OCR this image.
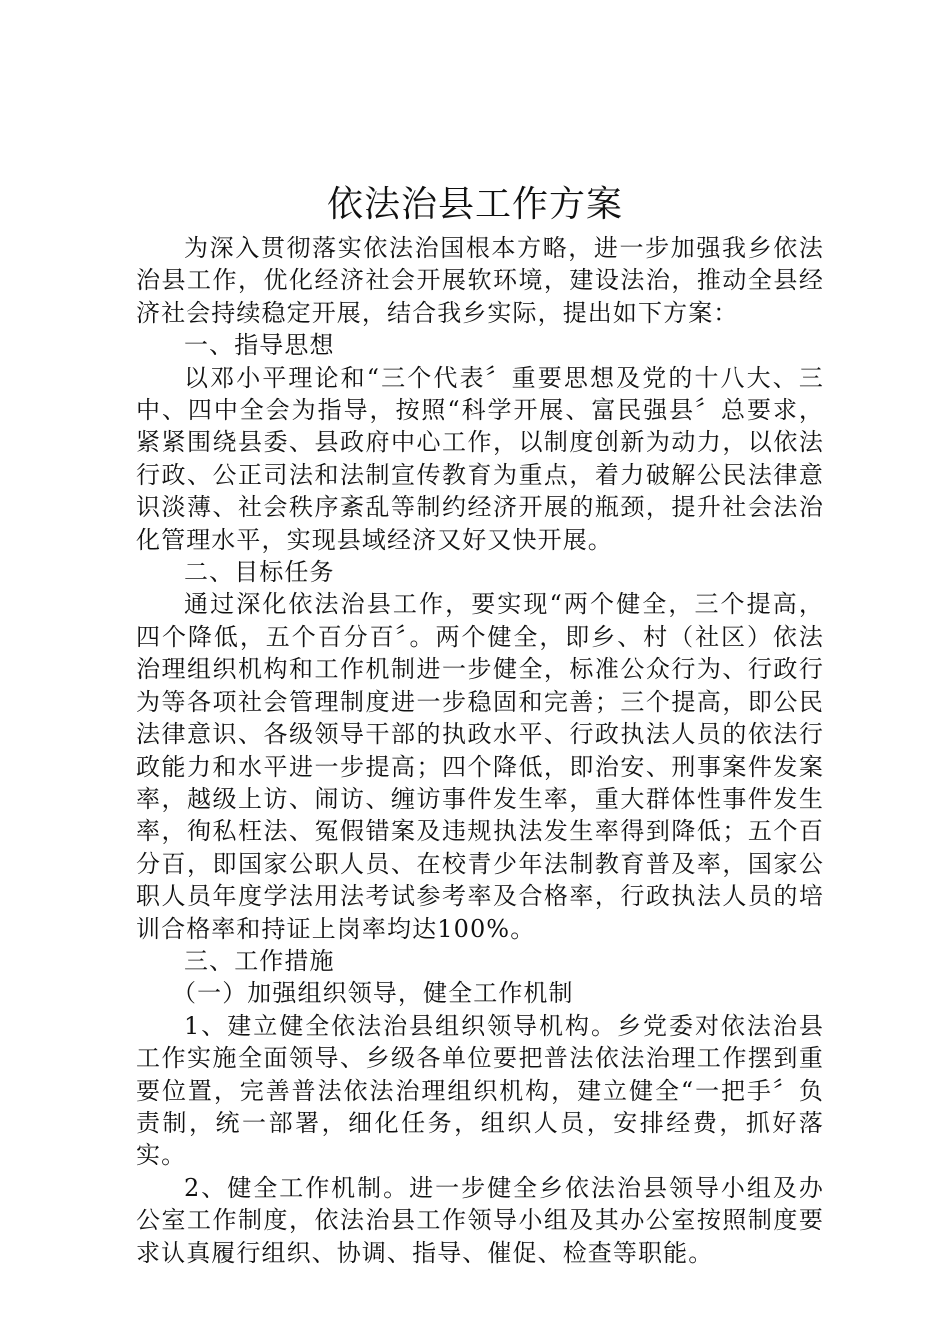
依法治县工作方案

为深入贯彻落实依法治国根本方略，进一步加强我乡依法治县工作，优化经济社会开展软环境，建设法治，推动全县经济社会持续稳定开展，结合我乡实际，提出如下方案：

一、指导思想

以邓小平理论和“三个代表〞重要思想及党的十八大、三中、四中全会为指导，按照“科学开展、富民强县〞总要求，紧紧围绕县委、县政府中心工作，以制度创新为动力，以依法行政、公正司法和法制宣传教育为重点，着力破解公民法律意识淡薄、社会秩序紊乱等制约经济开展的瓶颈，提升社会法治化管理水平，实现县域经济又好又快开展。

二、目标任务

通过深化依法治县工作，要实现“两个健全，三个提高，四个降低，五个百分百〞。两个健全，即乡、村（社区）依法治理组织机构和工作机制进一步健全，标准公众行为、行政行为等各项社会管理制度进一步稳固和完善；三个提高，即公民法律意识、各级领导干部的执政水平、行政执法人员的依法行政能力和水平进一步提高；四个降低，即治安、刑事案件发案率，越级上访、闹访、缠访事件发生率，重大群体性事件发生率，徇私枉法、冤假错案及违规执法发生率得到降低；五个百分百，即国家公职人员、在校青少年法制教育普及率，国家公职人员年度学法用法考试参考率及合格率，行政执法人员的培训合格率和持证上岗率均达100%。

三、工作措施

（一）加强组织领导，健全工作机制

1、建立健全依法治县组织领导机构。乡党委对依法治县工作实施全面领导、乡级各单位要把普法依法治理工作摆到重要位置，完善普法依法治理组织机构，建立健全“一把手〞负责制，统一部署，细化任务，组织人员，安排经费，抓好落实。

2、健全工作机制。进一步健全乡依法治县领导小组及办公室工作制度，依法治县工作领导小组及其办公室按照制度要求认真履行组织、协调、指导、催促、检查等职能。
